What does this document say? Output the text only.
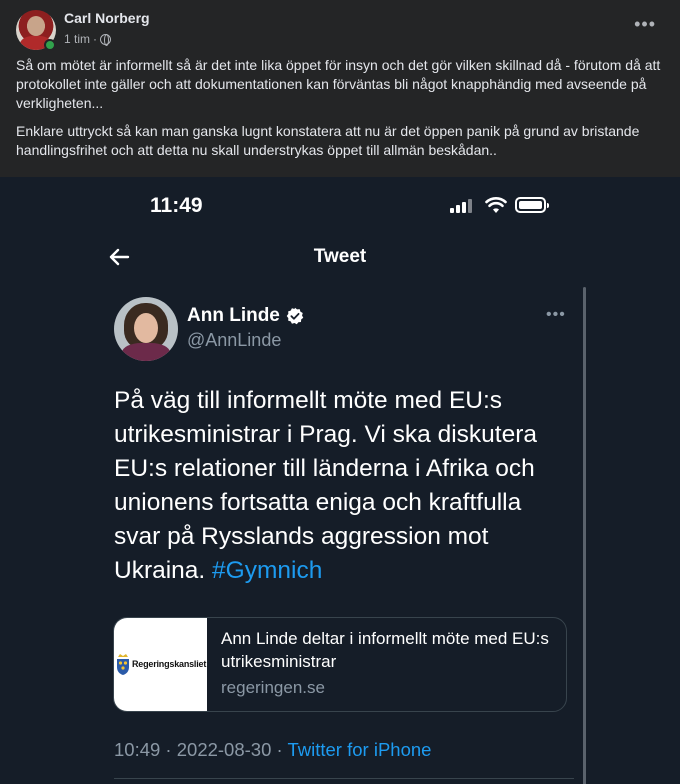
Carl Norberg
1 tim ·
•••

Så om mötet är informellt så är det inte lika öppet för insyn och det gör vilken skillnad då - förutom då att protokollet inte gäller och att dokumentationen kan förväntas bli något knapphändig med avseende på verkligheten...

Enklare uttryckt så kan man ganska lugnt konstatera att nu är det öppen panik på grund av bristande handlingsfrihet och att detta nu skall understrykas öppet till allmän beskådan..

11:49
Tweet
Ann Linde
@AnnLinde
•••
På väg till informellt möte med EU:s utrikesministrar i Prag. Vi ska diskutera EU:s relationer till länderna i Afrika och unionens fortsatta eniga och kraftfulla svar på Rysslands aggression mot Ukraina. #Gymnich
Regeringskansliet
Ann Linde deltar i informellt möte med EU:s utrikesministrar
regeringen.se
10:49 · 2022-08-30 · Twitter for iPhone
